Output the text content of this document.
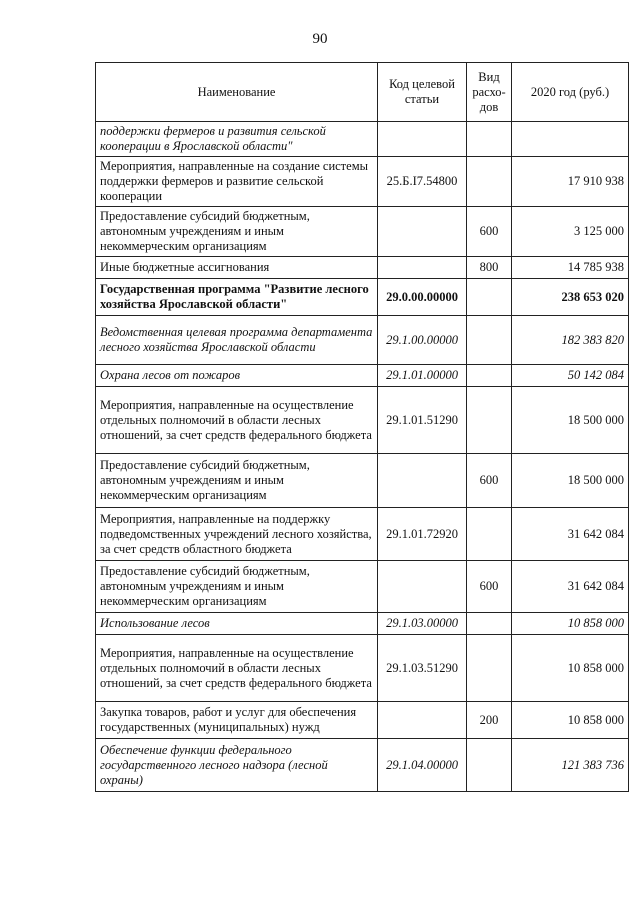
90
Наименование	Код целевой статьи	Вид расхо-дов	2020 год (руб.)
поддержки фермеров и развития сельской кооперации в Ярославской области"			
Мероприятия, направленные на создание системы поддержки фермеров и развитие сельской кооперации	25.Б.I7.54800		17 910 938
Предоставление субсидий бюджетным, автономным учреждениям и иным некоммерческим организациям		600	3 125 000
Иные бюджетные ассигнования		800	14 785 938
Государственная программа "Развитие лесного хозяйства Ярославской области"	29.0.00.00000		238 653 020
Ведомственная целевая программа департамента лесного хозяйства Ярославской области	29.1.00.00000		182 383 820
Охрана лесов от пожаров	29.1.01.00000		50 142 084
Мероприятия, направленные на осуществление отдельных полномочий в области лесных отношений, за счет средств федерального бюджета	29.1.01.51290		18 500 000
Предоставление субсидий бюджетным, автономным учреждениям и иным некоммерческим организациям		600	18 500 000
Мероприятия, направленные на поддержку подведомственных учреждений лесного хозяйства, за счет средств областного бюджета	29.1.01.72920		31 642 084
Предоставление субсидий бюджетным, автономным учреждениям и иным некоммерческим организациям		600	31 642 084
Использование лесов	29.1.03.00000		10 858 000
Мероприятия, направленные на осуществление отдельных полномочий в области лесных отношений, за счет средств федерального бюджета	29.1.03.51290		10 858 000
Закупка товаров, работ и услуг для обеспечения государственных (муниципальных) нужд		200	10 858 000
Обеспечение функции федерального государственного лесного надзора (лесной охраны)	29.1.04.00000		121 383 736
